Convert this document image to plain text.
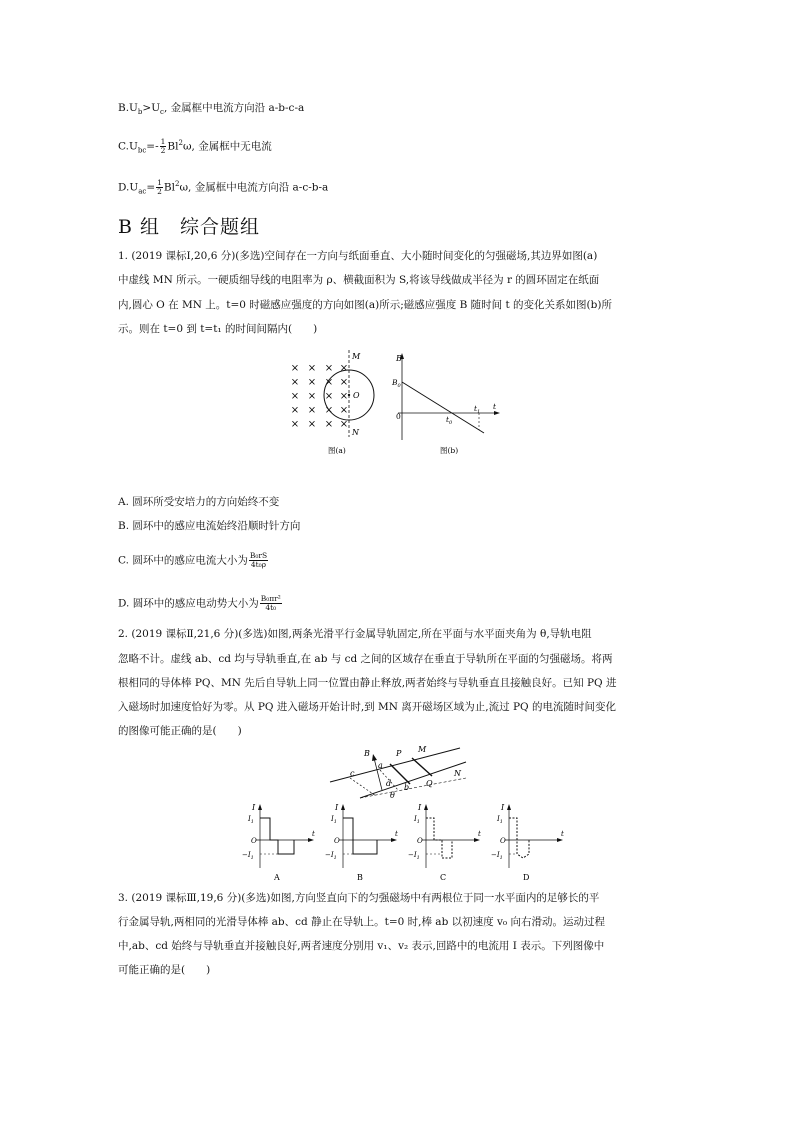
$B.U_b>U_c$, 金属框中电流方向沿 a-b-c-a
$C.U_{bc}=- \frac{1}{2} Bl^2\omega$, 金属框中无电流
$D.U_{ac}= \frac{1}{2} Bl^2\omega$, 金属框中电流方向沿 a-c-b-a
B 组　综合题组
1. (2019 课标Ⅰ,20,6 分)(多选)空间存在一方向与纸面垂直、大小随时间变化的匀强磁场,其边界如图(a)
中虚线 MN 所示。一硬质细导线的电阻率为 ρ、横截面积为 S,将该导线做成半径为 r 的圆环固定在纸面
内,圆心 O 在 MN 上。t=0 时磁感应强度的方向如图(a)所示;磁感应强度 B 随时间 t 的变化关系如图(b)所
示。则在 t=0 到 t=t₁ 的时间间隔内(　　)
× × × ×
× × × ×
× × × ×
× × × ×
× × × ×
M
O
N
图(a)
B
$B_0$
0	$t_0$
$t_1$
t
图(b)
A. 圆环所受安培力的方向始终不变
B. 圆环中的感应电流始终沿顺时针方向
C. 圆环中的感应电流大小为 $\frac{\text{B₀rS}}{\text{4t₀ρ}}$
D. 圆环中的感应电动势大小为 $\frac{\text{B₀πr²}}{\text{4t₀}}$
2. (2019 课标Ⅱ,21,6 分)(多选)如图,两条光滑平行金属导轨固定,所在平面与水平面夹角为 θ,导轨电阻
忽略不计。虚线 ab、cd 均与导轨垂直,在 ab 与 cd 之间的区域存在垂直于导轨所在平面的匀强磁场。将两
根相同的导体棒 PQ、MN 先后自导轨上同一位置由静止释放,两者始终与导轨垂直且接触良好。已知 PQ 进
入磁场时加速度恰好为零。从 PQ 进入磁场开始计时,到 MN 离开磁场区域为止,流过 PQ 的电流随时间变化
的图像可能正确的是(　　)
B	P M
a
c
d b Q
N
θ
I
$I_1$
O
$-I_1$
t
A
I
$I_1$
O
$-I_1$
t
B
I
$I_1$
O
$-I_1$
t
C
I
$I_1$
O
$-I_1$
t
D
3. (2019 课标Ⅲ,19,6 分)(多选)如图,方向竖直向下的匀强磁场中有两根位于同一水平面内的足够长的平
行金属导轨,两相同的光滑导体棒 ab、cd 静止在导轨上。t=0 时,棒 ab 以初速度 v₀ 向右滑动。运动过程
中,ab、cd 始终与导轨垂直并接触良好,两者速度分别用 v₁、v₂ 表示,回路中的电流用 I 表示。下列图像中
可能正确的是(　　)
